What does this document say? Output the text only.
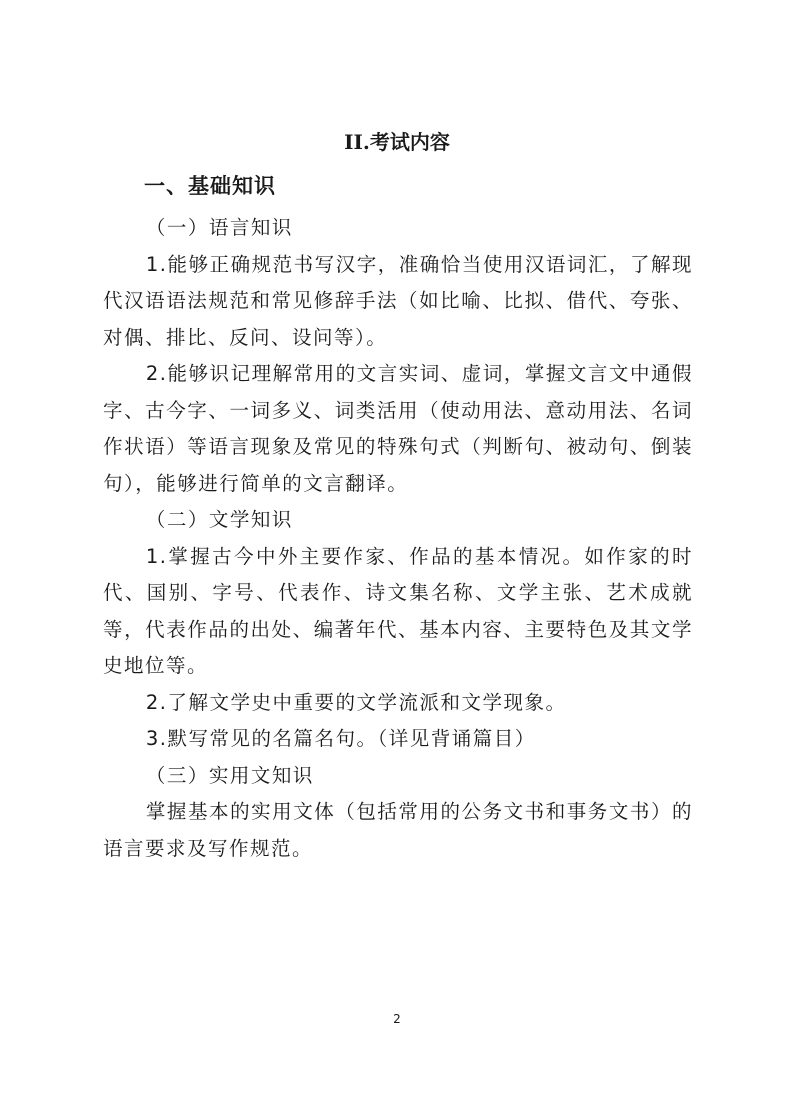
II.考试内容
一、基础知识

（一）语言知识

1.能够正确规范书写汉字，准确恰当使用汉语词汇，了解现代汉语语法规范和常见修辞手法（如比喻、比拟、借代、夸张、对偶、排比、反问、设问等）。

2.能够识记理解常用的文言实词、虚词，掌握文言文中通假字、古今字、一词多义、词类活用（使动用法、意动用法、名词作状语）等语言现象及常见的特殊句式（判断句、被动句、倒装句），能够进行简单的文言翻译。

（二）文学知识

1.掌握古今中外主要作家、作品的基本情况。如作家的时代、国别、字号、代表作、诗文集名称、文学主张、艺术成就等，代表作品的出处、编著年代、基本内容、主要特色及其文学史地位等。

2.了解文学史中重要的文学流派和文学现象。

3.默写常见的名篇名句。（详见背诵篇目）

（三）实用文知识

掌握基本的实用文体（包括常用的公务文书和事务文书）的语言要求及写作规范。

2
